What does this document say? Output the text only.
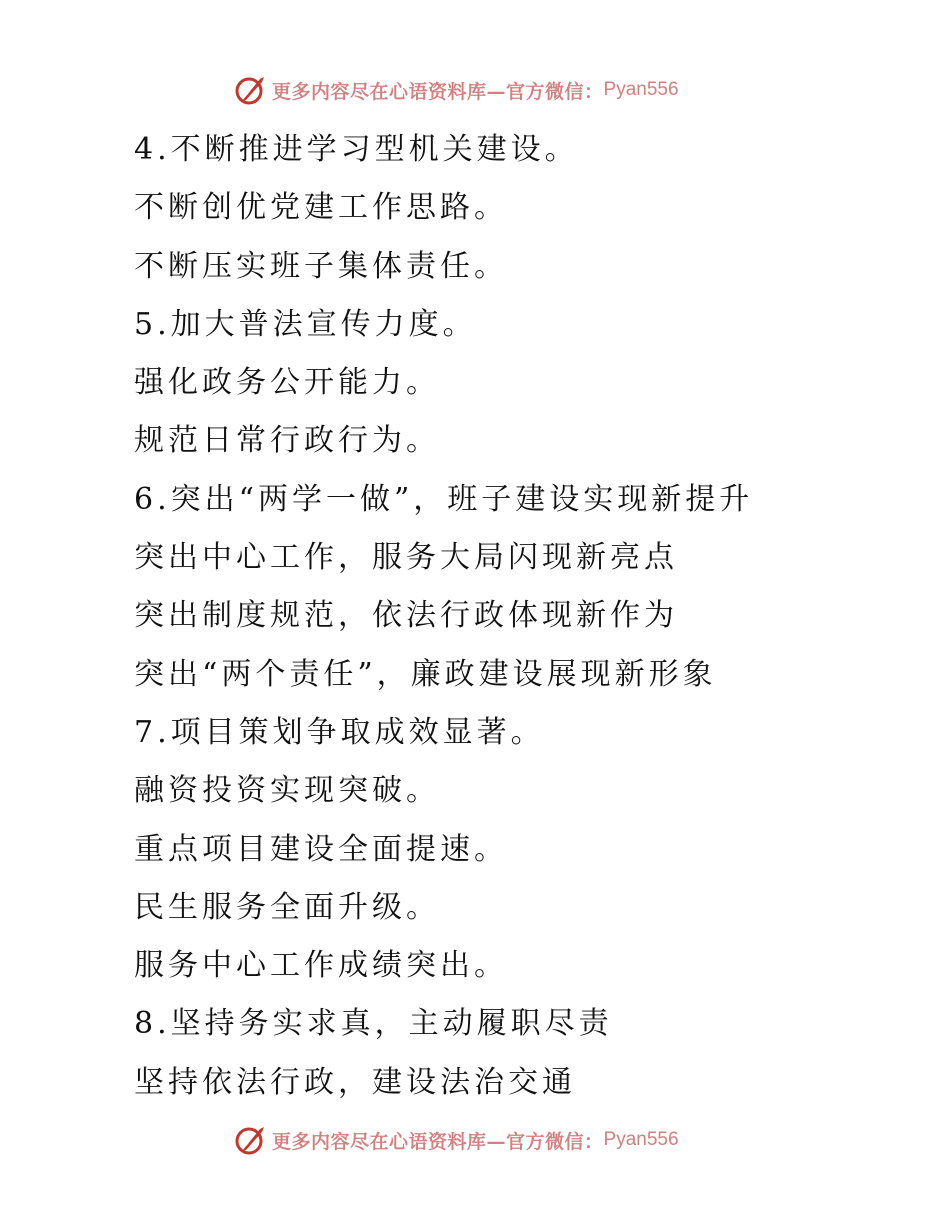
更多内容尽在心语资料库—官方微信： Pyan556
4.不断推进学习型机关建设。
不断创优党建工作思路。
不断压实班子集体责任。
5.加大普法宣传力度。
强化政务公开能力。
规范日常行政行为。
6.突出“两学一做”，班子建设实现新提升
突出中心工作，服务大局闪现新亮点
突出制度规范，依法行政体现新作为
突出“两个责任”，廉政建设展现新形象
7.项目策划争取成效显著。
融资投资实现突破。
重点项目建设全面提速。
民生服务全面升级。
服务中心工作成绩突出。
8.坚持务实求真，主动履职尽责
坚持依法行政，建设法治交通
更多内容尽在心语资料库—官方微信： Pyan556
